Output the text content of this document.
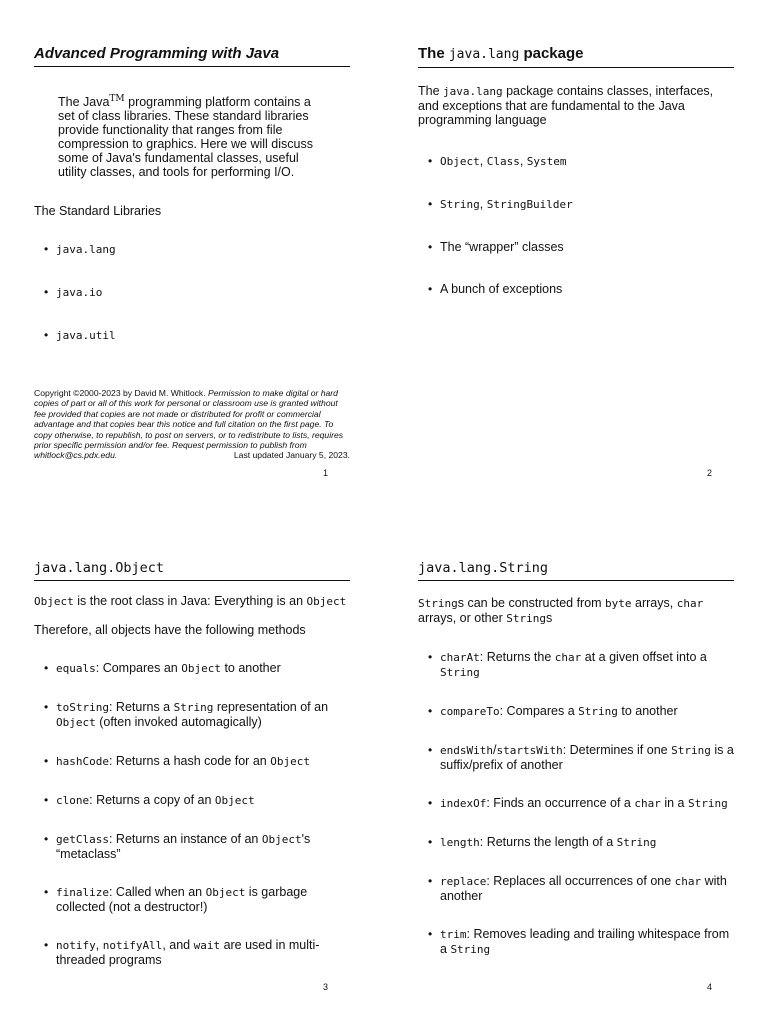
Advanced Programming with Java
The Java™ programming platform contains a set of class libraries. These standard libraries provide functionality that ranges from file compression to graphics. Here we will discuss some of Java's fundamental classes, useful utility classes, and tools for performing I/O.

The Standard Libraries

• java.lang
• java.io
• java.util
Copyright ©2000-2023 by David M. Whitlock. Permission to make digital or hard copies of part or all of this work for personal or classroom use is granted without fee provided that copies are not made or distributed for profit or commercial advantage and that copies bear this notice and full citation on the first page. To copy otherwise, to republish, to post on servers, or to redistribute to lists, requires prior specific permission and/or fee. Request permission to publish from whitlock@cs.pdx.edu.	Last updated January 5, 2023.
1
The java.lang package

The java.lang package contains classes, interfaces, and exceptions that are fundamental to the Java programming language

• Object, Class, System
• String, StringBuilder
• The “wrapper” classes
• A bunch of exceptions
2
java.lang.Object

Object is the root class in Java: Everything is an Object

Therefore, all objects have the following methods

• equals: Compares an Object to another
• toString: Returns a String representation of an Object (often invoked automagically)
• hashCode: Returns a hash code for an Object
• clone: Returns a copy of an Object
• getClass: Returns an instance of an Object's “metaclass”
• finalize: Called when an Object is garbage collected (not a destructor!)
• notify, notifyAll, and wait are used in multi-threaded programs
3
java.lang.String

Strings can be constructed from byte arrays, char arrays, or other Strings

• charAt: Returns the char at a given offset into a String
• compareTo: Compares a String to another
• endsWith/startsWith: Determines if one String is a suffix/prefix of another
• indexOf: Finds an occurrence of a char in a String
• length: Returns the length of a String
• replace: Replaces all occurrences of one char with another
• trim: Removes leading and trailing whitespace from a String
4
